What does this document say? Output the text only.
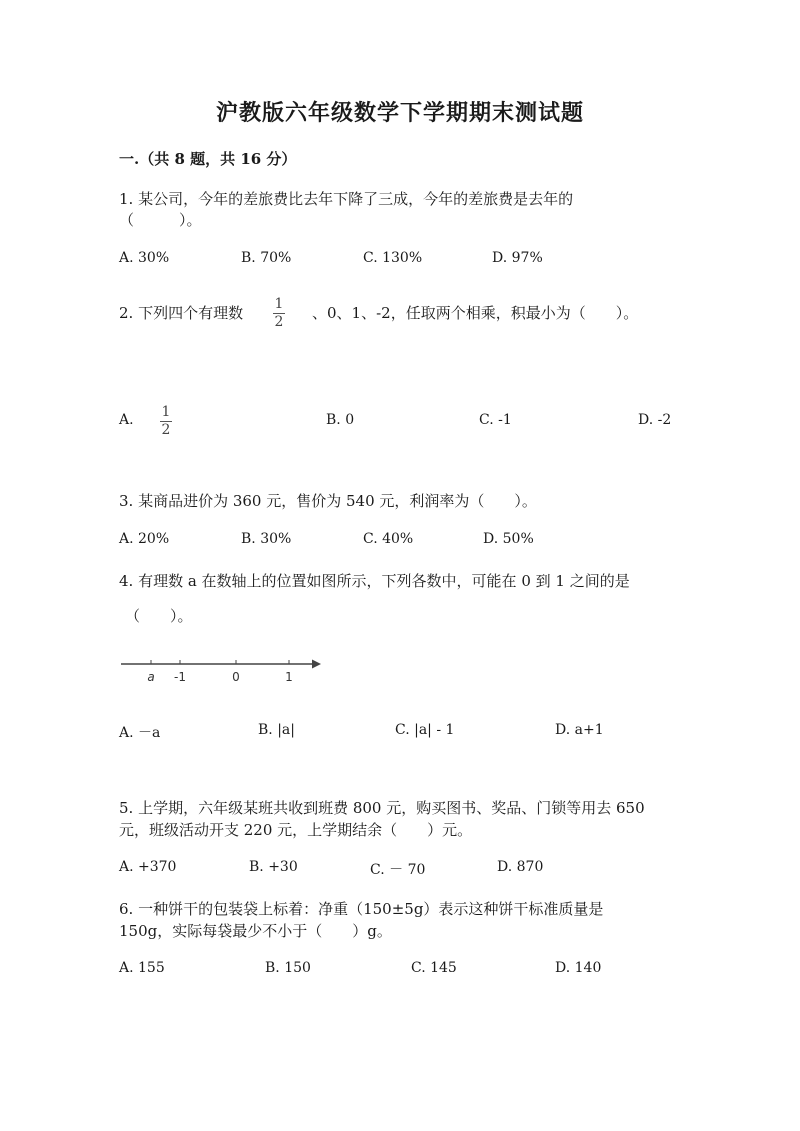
沪教版六年级数学下学期期末测试题
一.（共 8 题，共 16 分）
1. 某公司，今年的差旅费比去年下降了三成，今年的差旅费是去年的
（　　　）。
A. 30%	B. 70%	C. 130%	D. 97%
2. 下列四个有理数 1
2 、0、1、-2，任取两个相乘，积最小为（　　）。
A. 1
2
B. 0	C. -1	D. -2
3. 某商品进价为 360 元，售价为 540 元，利润率为（　　）。
A. 20%	B. 30%	C. 40%	D. 50%
4. 有理数 a 在数轴上的位置如图所示，下列各数中，可能在 0 到 1 之间的是
（　　）。
a -1	0	1
A. －a	B. |a|	C. |a| - 1	D. a+1
5. 上学期，六年级某班共收到班费 800 元，购买图书、奖品、门锁等用去 650
元，班级活动开支 220 元，上学期结余（　　）元。
A. +370	B. +30	C. － 70	D. 870
6. 一种饼干的包装袋上标着：净重（150±5g）表示这种饼干标准质量是
150g，实际每袋最少不小于（　　）g。
A. 155	B. 150	C. 145	D. 140
